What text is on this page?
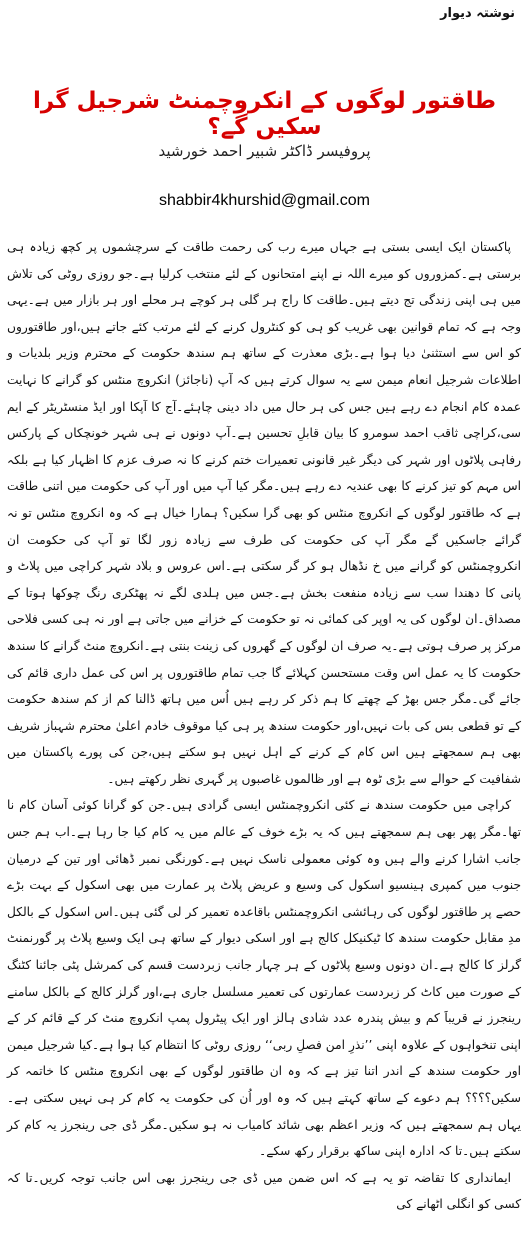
نوشتہ دیوار
طاقتور لوگوں کے انکروچمنٹ شرجیل گرا سکیں گے؟
پروفیسر ڈاکٹر شبیر احمد خورشید
shabbir4khurshid@gmail.com

پاکستان ایک ایسی بستی ہے جہاں میرے رب کی رحمت طاقت کے سرچشموں پر کچھ زیادہ ہی برستی ہے۔کمزوروں کو میرے اللہ نے اپنے امتحانوں کے لئے منتخب کرلیا ہے۔جو روزی روٹی کی تلاش میں ہی اپنی زندگی تج دیتے ہیں۔طاقت کا راج ہر گلی ہر کوچے ہر محلے اور ہر بازار میں ہے۔یہی وجہ ہے کہ تمام قوانین بھی غریب کو ہی کو کنٹرول کرنے کے لئے مرتب کئے جاتے ہیں،اور طاقتوروں کو اس سے استثنیٰ دیا ہوا ہے۔بڑی معذرت کے ساتھ ہم سندھ حکومت کے محترم وزیر بلدیات و اطلاعات شرجیل انعام میمن سے یہ سوال کرتے ہیں کہ آپ (ناجائز) انکروچ منٹس کو گرانے کا نہایت عمدہ کام انجام دے رہے ہیں جس کی ہر حال میں داد دینی چاہئے۔آج کا آپکا اور ایڈ منسٹریٹر کے ایم سی،کراچی ثاقب احمد سومرو کا بیان قابلِ تحسین ہے۔آپ دونوں نے ہی شہر خونچکاں کے پارکس رفاہی پلاٹوں اور شہر کی دیگر غیر قانونی تعمیرات ختم کرنے کا نہ صرف عزم کا اظہار کیا ہے بلکہ اس مہم کو تیز کرنے کا بھی عندیہ دے رہے ہیں۔مگر کیا آپ میں اور آپ کی حکومت میں اتنی طاقت ہے کہ طاقتور لوگوں کے انکروچ منٹس کو بھی گرا سکیں؟ ہمارا خیال ہے کہ وہ انکروچ منٹس تو نہ گرائے جاسکیں گے مگر آپ کی حکومت کی طرف سے زیادہ زور لگا تو آپ کی حکومت ان انکروچمنٹس کو گرانے میں خ نڈھال ہو کر گر سکتی ہے۔اس عروس و بلاد شہر کراچی میں پلاٹ و پانی کا دھندا سب سے زیادہ منفعت بخش ہے۔جس میں ہلدی لگے نہ پھٹکری رنگ چوکھا ہوتا کے مصداق۔ان لوگوں کی یہ اوپر کی کمائی نہ تو حکومت کے خزانے میں جاتی ہے اور نہ ہی کسی فلاحی مرکز پر صرف ہوتی ہے۔یہ صرف ان لوگوں کے گھروں کی زینت بنتی ہے۔انکروچ منٹ گرانے کا سندھ حکومت کا یہ عمل اس وقت مستحسن کہلائے گا جب تمام طاقتوروں پر اس کی عمل داری قائم کی جائے گی۔مگر جس بھڑ کے چھتے کا ہم ذکر کر رہے ہیں اُس میں ہاتھ ڈالنا کم از کم سندھ حکومت کے تو قطعی بس کی بات نہیں،اور حکومت سندھ پر ہی کیا موقوف خادم اعلیٰ محترم شہباز شریف بھی ہم سمجھتے ہیں اس کام کے کرنے کے اہل نہیں ہو سکتے ہیں،جن کی پورے پاکستان میں شفافیت کے حوالے سے بڑی ٹوہ ہے اور ظالموں غاصبوں پر گہری نظر رکھتے ہیں۔

کراچی میں حکومت سندھ نے کئی انکروچمنٹس ایسی گرادی ہیں۔جن کو گرانا کوئی آسان کام نا تھا۔مگر پھر بھی ہم سمجھتے ہیں کہ یہ بڑے خوف کے عالم میں یہ کام کیا جا رہا ہے۔اب ہم جس جانب اشارا کرنے والے ہیں وہ کوئی معمولی ناسک نہیں ہے۔کورنگی نمبر ڈھائی اور تین کے درمیان جنوب میں کمپری ہینسیو اسکول کی وسیع و عریض پلاٹ پر عمارت میں بھی اسکول کے بہت بڑے حصے پر طاقتور لوگوں کی رہائشی انکروچمنٹس باقاعدہ تعمیر کر لی گئی ہیں۔اس اسکول کے بالکل مدِ مقابل حکومت سندھ کا ٹیکنیکل کالج ہے اور اسکی دیوار کے ساتھ ہی ایک وسیع پلاٹ پر گورنمنٹ گرلز کا کالج ہے۔ان دونوں وسیع پلاٹوں کے ہر چہار جانب زبردست قسم کی کمرشل پٹی جائنا کٹنگ کے صورت میں کاٹ کر زبردست عمارتوں کی تعمیر مسلسل جاری ہے،اور گرلز کالج کے بالکل سامنے رینجرز نے قریباََ کم و بیش پندرہ عدد شادی ہالز اور ایک پیٹرول پمپ انکروچ منٹ کر کے قائم کر کے اپنی تنخواہوں کے علاوہ اپنی ’’نذرِ امن فصلِ ربی‘‘ روزی روٹی کا انتظام کیا ہوا ہے۔کیا شرجیل میمن اور حکومت سندھ کے اندر اتنا تیز ہے کہ وہ ان طاقتور لوگوں کے بھی انکروچ منٹس کا خاتمہ کر سکیں؟؟؟؟ ہم دعوے کے ساتھ کہتے ہیں کہ وہ اور اُن کی حکومت یہ کام کر ہی نہیں سکتی ہے۔یہاں ہم سمجھتے ہیں کہ وزیر اعظم بھی شائد کامیاب نہ ہو سکیں۔مگر ڈی جی رینجرز یہ کام کر سکتے ہیں۔تا کہ ادارہ اپنی ساکھ برقرار رکھ سکے۔

ایمانداری کا تقاضہ تو یہ ہے کہ اس ضمن میں ڈی جی رینجرز بھی اس جانب توجہ کریں۔تا کہ کسی کو انگلی اٹھانے کی
